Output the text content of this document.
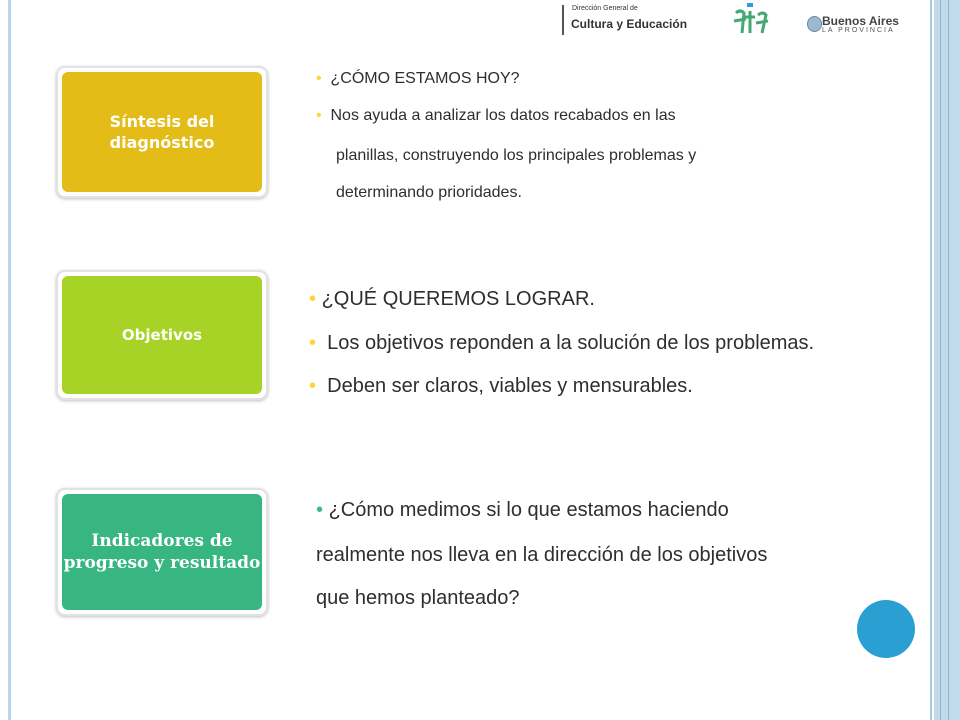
Dirección General de
Cultura y Educación	Buenos Aires
LA PROVINCIA
Síntesis del diagnóstico
• ¿CÓMO ESTAMOS HOY?
• Nos ayuda a analizar los datos recabados en las
planillas, construyendo los principales problemas y
determinando prioridades.
Objetivos
• ¿QUÉ QUEREMOS LOGRAR.
• Los objetivos reponden a la solución de los problemas.
• Deben ser claros, viables y mensurables.
Indicadores de progreso y resultado
• ¿Cómo medimos si lo que estamos haciendo
realmente nos lleva en la dirección de los objetivos
que hemos planteado?
